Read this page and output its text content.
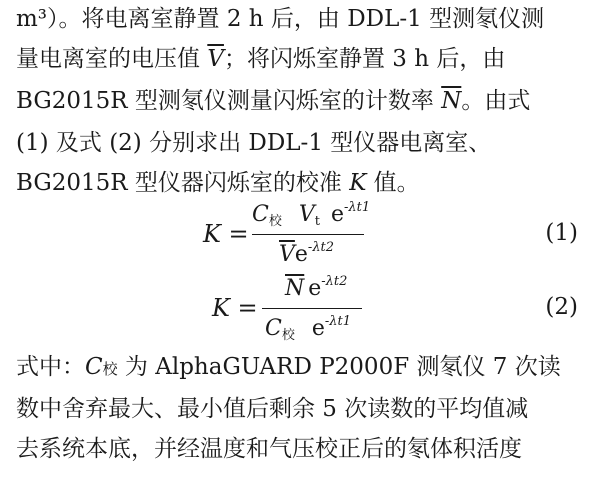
m³）。将电离室静置 2 h 后，由 DDL-1 型测氡仪测
量电离室的电压值 $\overline{V}$；将闪烁室静置 3 h 后，由
BG2015R 型测氡仪测量闪烁室的计数率 $\overline{N}$。由式
(1) 及式 (2) 分别求出 DDL-1 型仪器电离室、
BG2015R 型仪器闪烁室的校准 K 值。
K =
$C_校$ $V_t$ $e^{-\lambda t1}$
$\overline{V}e^{-\lambda t2}$
(1)
K =
$\overline{N}$ $e^{-\lambda t2}$
$C_校$ $e^{-\lambda t1}$
(2)
式中：C校 为 AlphaGUARD P2000F 测氡仪 7 次读
数中舍弃最大、最小值后剩余 5 次读数的平均值减
去系统本底，并经温度和气压校正后的氡体积活度
